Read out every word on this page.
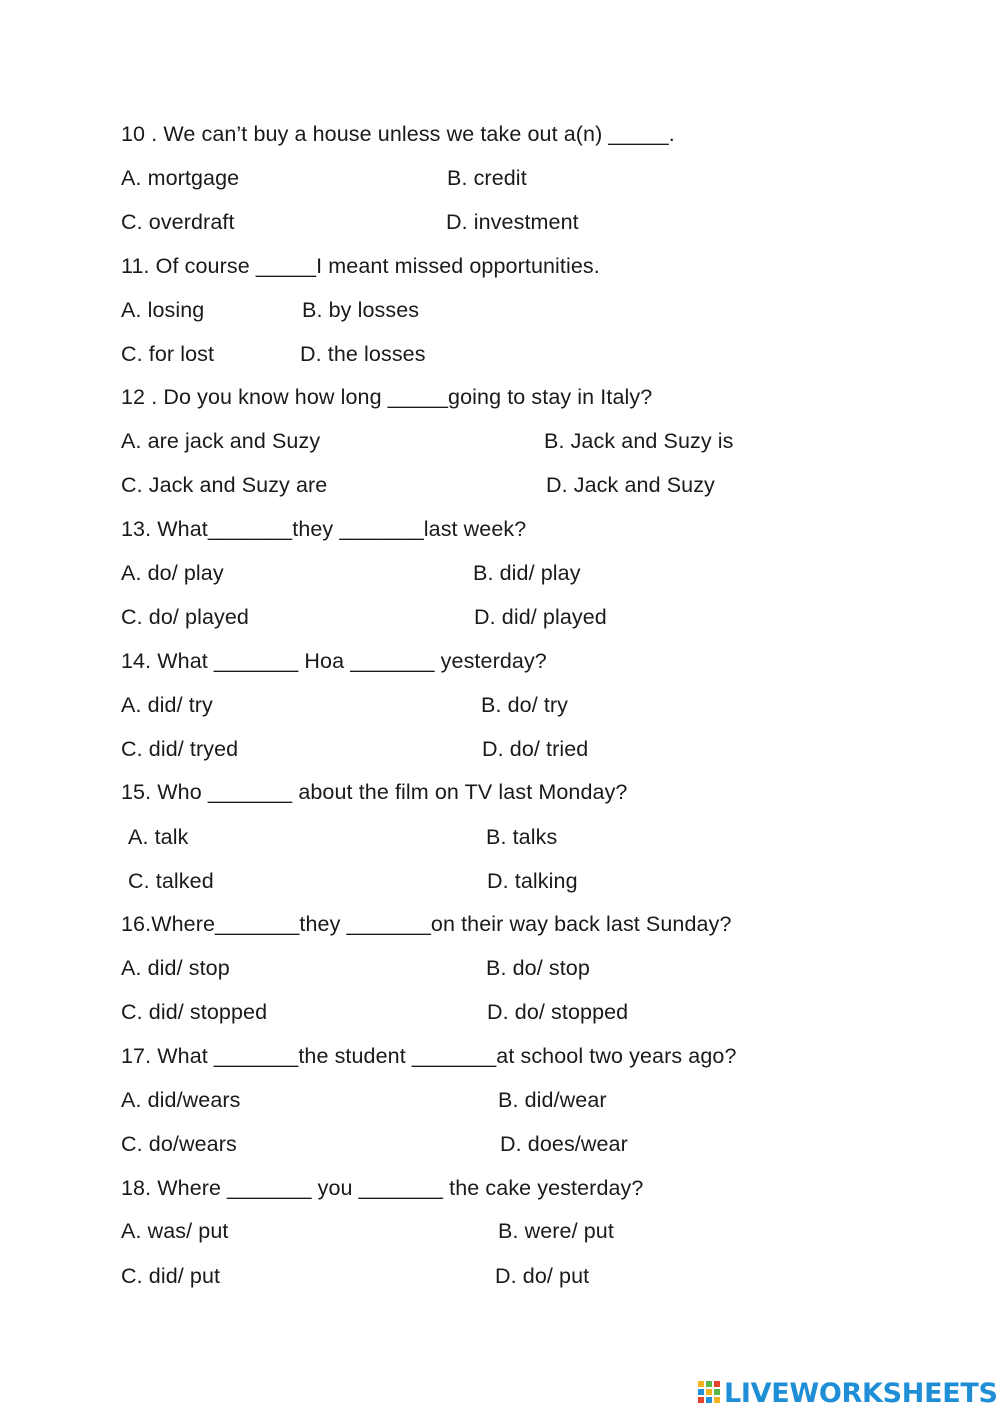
10 . We can’t buy a house unless we take out a(n) _____.
A. mortgage	B. credit
C. overdraft	D. investment
11. Of course _____I meant missed opportunities.
A. losing	B. by losses
C. for lost	D. the losses
12 . Do you know how long _____going to stay in Italy?
A. are jack and Suzy	B. Jack and Suzy is
C. Jack and Suzy are	D. Jack and Suzy
13. What_______they _______last week?
A. do/ play	B. did/ play
C. do/ played	D. did/ played
14. What _______ Hoa _______ yesterday?
A. did/ try	B. do/ try
C. did/ tryed	D. do/ tried
15. Who _______ about the film on TV last Monday?
A. talk	B. talks
C. talked	D. talking
16.Where_______they _______on their way back last Sunday?
A. did/ stop	B. do/ stop
C. did/ stopped	D. do/ stopped
17. What _______the student _______at school two years ago?
A. did/wears	B. did/wear
C. do/wears	D. does/wear
18. Where _______ you _______ the cake yesterday?
A. was/ put	B. were/ put
C. did/ put	D. do/ put
LIVEWORKSHEETS
